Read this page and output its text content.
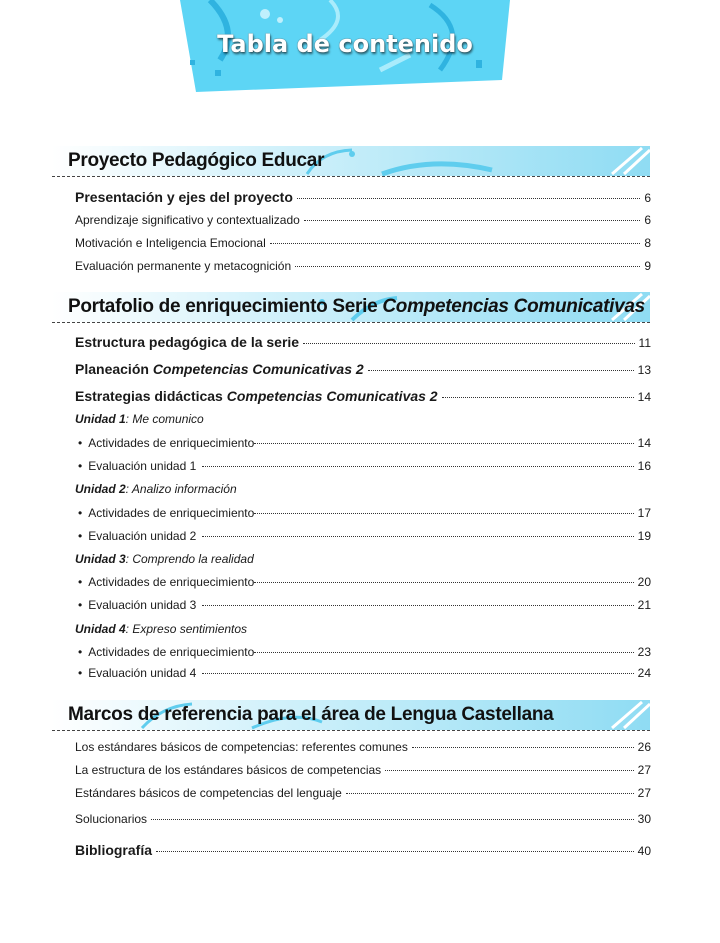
Tabla de contenido
Proyecto Pedagógico Educar
Presentación y ejes del proyecto	6
Aprendizaje significativo y contextualizado	6
Motivación e Inteligencia Emocional	8
Evaluación permanente y metacognición	9
Portafolio de enriquecimiento Serie Competencias Comunicativas
Estructura pedagógica de la serie	11
Planeación Competencias Comunicativas 2	13
Estrategias didácticas Competencias Comunicativas 2	14
Unidad 1: Me comunico
• Actividades de enriquecimiento	14
• Evaluación unidad 1	16
Unidad 2: Analizo información
• Actividades de enriquecimiento	17
• Evaluación unidad 2	19
Unidad 3: Comprendo la realidad
• Actividades de enriquecimiento	20
• Evaluación unidad 3	21
Unidad 4: Expreso sentimientos
• Actividades de enriquecimiento	23
• Evaluación unidad 4	24
Marcos de referencia para el área de Lengua Castellana
Los estándares básicos de competencias: referentes comunes	26
La estructura de los estándares básicos de competencias	27
Estándares básicos de competencias del lenguaje	27
Solucionarios	30
Bibliografía	40
